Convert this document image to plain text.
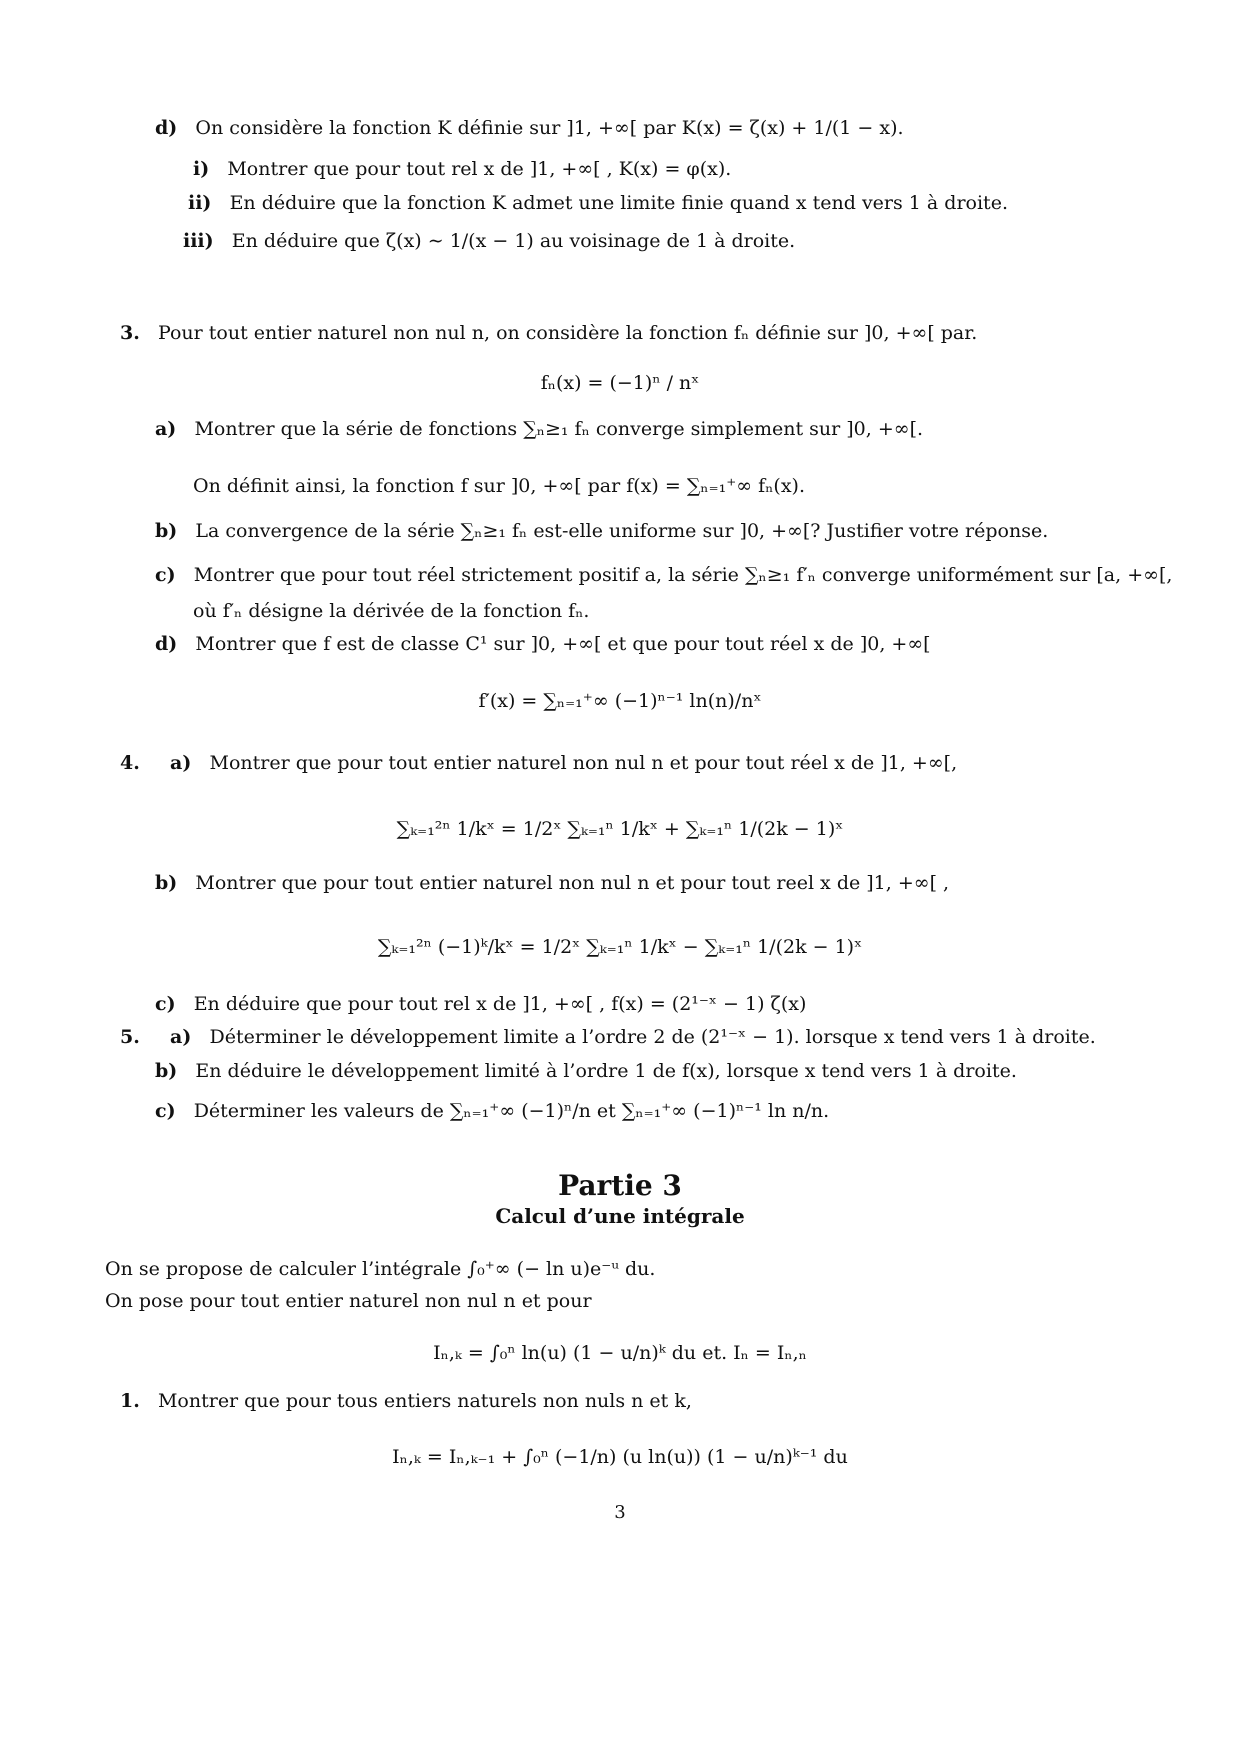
d) On considère la fonction K définie sur ]1, +∞[ par K(x) = ζ(x) + 1/(1 − x).
i) Montrer que pour tout rel x de ]1, +∞[ , K(x) = φ(x).
ii) En déduire que la fonction K admet une limite finie quand x tend vers 1 à droite.
iii) En déduire que ζ(x) ∼ 1/(x − 1) au voisinage de 1 à droite.
3. Pour tout entier naturel non nul n, on considère la fonction fₙ définie sur ]0, +∞[ par.
fₙ(x) = (−1)ⁿ / nˣ
a) Montrer que la série de fonctions ∑ₙ≥₁ fₙ converge simplement sur ]0, +∞[.
On définit ainsi, la fonction f sur ]0, +∞[ par f(x) = ∑ₙ₌₁⁺∞ fₙ(x).
b) La convergence de la série ∑ₙ≥₁ fₙ est-elle uniforme sur ]0, +∞[? Justifier votre réponse.
c) Montrer que pour tout réel strictement positif a, la série ∑ₙ≥₁ f′ₙ converge uniformément sur [a, +∞[,
où f′ₙ désigne la dérivée de la fonction fₙ.
d) Montrer que f est de classe C¹ sur ]0, +∞[ et que pour tout réel x de ]0, +∞[
f′(x) = ∑ₙ₌₁⁺∞ (−1)ⁿ⁻¹ ln(n)/nˣ
4. a) Montrer que pour tout entier naturel non nul n et pour tout réel x de ]1, +∞[,
∑ₖ₌₁²ⁿ 1/kˣ = 1/2ˣ ∑ₖ₌₁ⁿ 1/kˣ + ∑ₖ₌₁ⁿ 1/(2k − 1)ˣ
b) Montrer que pour tout entier naturel non nul n et pour tout reel x de ]1, +∞[ ,
∑ₖ₌₁²ⁿ (−1)ᵏ/kˣ = 1/2ˣ ∑ₖ₌₁ⁿ 1/kˣ − ∑ₖ₌₁ⁿ 1/(2k − 1)ˣ
c) En déduire que pour tout rel x de ]1, +∞[ , f(x) = (2¹⁻ˣ − 1) ζ(x)
5. a) Déterminer le développement limite a l’ordre 2 de (2¹⁻ˣ − 1). lorsque x tend vers 1 à droite.
b) En déduire le développement limité à l’ordre 1 de f(x), lorsque x tend vers 1 à droite.
c) Déterminer les valeurs de ∑ₙ₌₁⁺∞ (−1)ⁿ/n et ∑ₙ₌₁⁺∞ (−1)ⁿ⁻¹ ln n/n.
Partie 3
Calcul d’une intégrale
On se propose de calculer l’intégrale ∫₀⁺∞ (− ln u)e⁻ᵘ du.
On pose pour tout entier naturel non nul n et pour
Iₙ,ₖ = ∫₀ⁿ ln(u) (1 − u/n)ᵏ du et. Iₙ = Iₙ,ₙ
1. Montrer que pour tous entiers naturels non nuls n et k,
Iₙ,ₖ = Iₙ,ₖ₋₁ + ∫₀ⁿ (−1/n) (u ln(u)) (1 − u/n)ᵏ⁻¹ du
3
